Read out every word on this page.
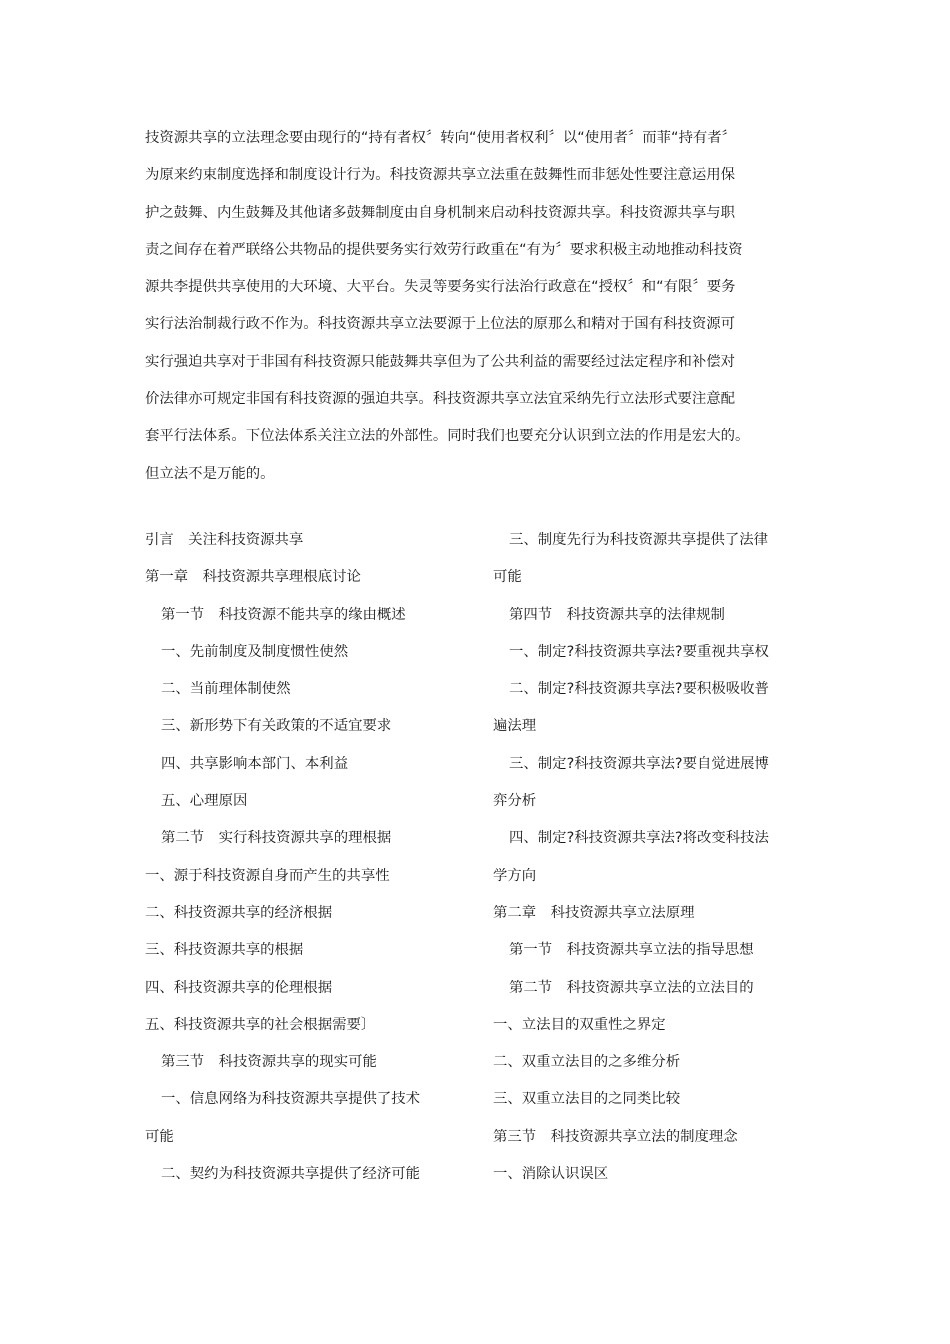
技资源共享的立法理念要由现行的“持有者权〞转向“使用者权利〞以“使用者〞而菲“持有者〞
为原来约束制度选择和制度设计行为。科技资源共享立法重在鼓舞性而非惩处性要注意运用保
护之鼓舞、内生鼓舞及其他诸多鼓舞制度由自身机制来启动科技资源共享。科技资源共享与职
责之间存在着严联络公共物品的提供要务实行效劳行政重在“有为〞要求积极主动地推动科技资
源共李提供共享使用的大环境、大平台。失灵等要务实行法治行政意在“授权〞和“有限〞要务
实行法治制裁行政不作为。科技资源共享立法要源于上位法的原那么和精对于国有科技资源可
实行强迫共享对于非国有科技资源只能鼓舞共享但为了公共利益的需要经过法定程序和补偿对
价法律亦可规定非国有科技资源的强迫共享。科技资源共享立法宜采纳先行立法形式要注意配
套平行法体系。下位法体系关注立法的外部性。同时我们也要充分认识到立法的作用是宏大的。
但立法不是万能的。
引言　关注科技资源共享
第一章　科技资源共享理根底讨论
第一节　科技资源不能共享的缘由概述
一、先前制度及制度惯性使然
二、当前理体制使然
三、新形势下有关政策的不适宜要求
四、共享影响本部门、本利益
五、心理原因
第二节　实行科技资源共享的理根据
一、源于科技资源自身而产生的共享性
二、科技资源共享的经济根据
三、科技资源共享的根据
四、科技资源共享的伦理根据
五、科技资源共享的社会根据需要〕
第三节　科技资源共享的现实可能
一、信息网络为科技资源共享提供了技术
可能
二、契约为科技资源共享提供了经济可能
三、制度先行为科技资源共享提供了法律
可能
第四节　科技资源共享的法律规制
一、制定?科技资源共享法?要重视共享权
二、制定?科技资源共享法?要积极吸收普
遍法理
三、制定?科技资源共享法?要自觉进展博
弈分析
四、制定?科技资源共享法?将改变科技法
学方向
第二章　科技资源共享立法原理
第一节　科技资源共享立法的指导思想
第二节　科技资源共享立法的立法目的
一、立法目的双重性之界定
二、双重立法目的之多维分析
三、双重立法目的之同类比较
第三节　科技资源共享立法的制度理念
一、消除认识误区
